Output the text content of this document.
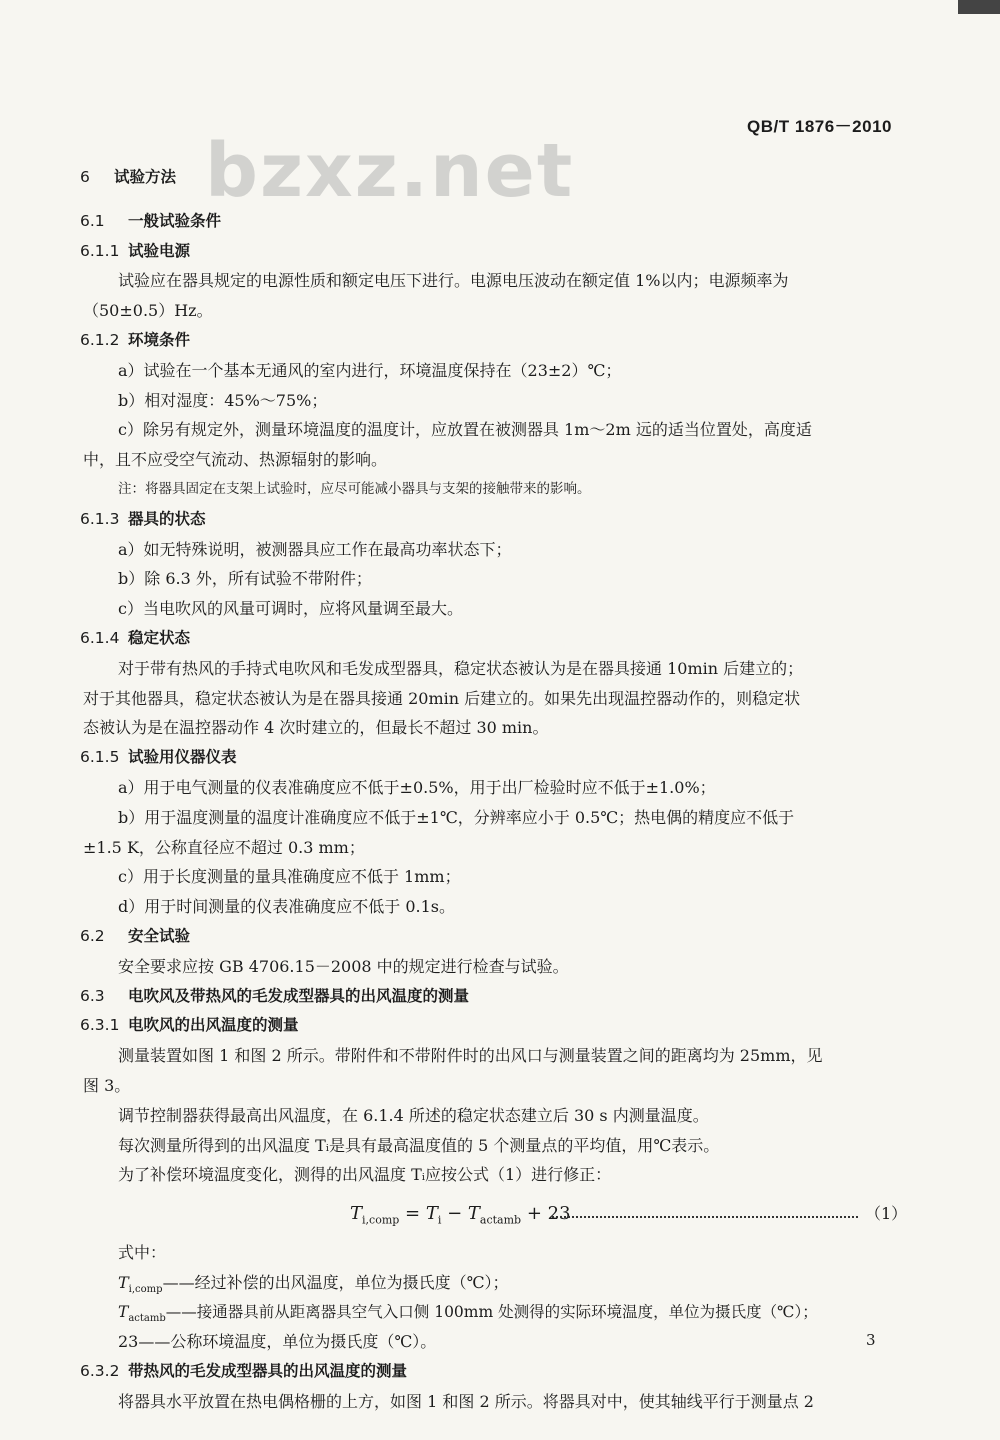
QB/T 1876－2010
bzxz.net
6 试验方法
6.1 一般试验条件
6.1.1 试验电源
试验应在器具规定的电源性质和额定电压下进行。电源电压波动在额定值 1%以内；电源频率为
（50±0.5）Hz。
6.1.2 环境条件
a）试验在一个基本无通风的室内进行，环境温度保持在（23±2）℃；
b）相对湿度：45%～75%；
c）除另有规定外，测量环境温度的温度计，应放置在被测器具 1m～2m 远的适当位置处，高度适
中，且不应受空气流动、热源辐射的影响。
注：将器具固定在支架上试验时，应尽可能减小器具与支架的接触带来的影响。
6.1.3 器具的状态
a）如无特殊说明，被测器具应工作在最高功率状态下；
b）除 6.3 外，所有试验不带附件；
c）当电吹风的风量可调时，应将风量调至最大。
6.1.4 稳定状态
对于带有热风的手持式电吹风和毛发成型器具，稳定状态被认为是在器具接通 10min 后建立的；
对于其他器具，稳定状态被认为是在器具接通 20min 后建立的。如果先出现温控器动作的，则稳定状
态被认为是在温控器动作 4 次时建立的，但最长不超过 30 min。
6.1.5 试验用仪器仪表
a）用于电气测量的仪表准确度应不低于±0.5%，用于出厂检验时应不低于±1.0%；
b）用于温度测量的温度计准确度应不低于±1℃，分辨率应小于 0.5℃；热电偶的精度应不低于
±1.5 K，公称直径应不超过 0.3 mm；
c）用于长度测量的量具准确度应不低于 1mm；
d）用于时间测量的仪表准确度应不低于 0.1s。
6.2 安全试验
安全要求应按 GB 4706.15－2008 中的规定进行检查与试验。
6.3 电吹风及带热风的毛发成型器具的出风温度的测量
6.3.1 电吹风的出风温度的测量
测量装置如图 1 和图 2 所示。带附件和不带附件时的出风口与测量装置之间的距离均为 25mm，见
图 3。
调节控制器获得最高出风温度，在 6.1.4 所述的稳定状态建立后 30 s 内测量温度。
每次测量所得到的出风温度 Tᵢ是具有最高温度值的 5 个测量点的平均值，用℃表示。
为了补偿环境温度变化，测得的出风温度 Tᵢ应按公式（1）进行修正：
$T_{i,comp} = T_i - T_{actamb} + 23$	（1）
式中：
$T_{i,comp}——$经过补偿的出风温度，单位为摄氏度（℃）；
$T_{actamb}——$接通器具前从距离器具空气入口侧 100mm 处测得的实际环境温度，单位为摄氏度（℃）；
23——公称环境温度，单位为摄氏度（℃）。
6.3.2 带热风的毛发成型器具的出风温度的测量
将器具水平放置在热电偶格栅的上方，如图 1 和图 2 所示。将器具对中，使其轴线平行于测量点 2
3
